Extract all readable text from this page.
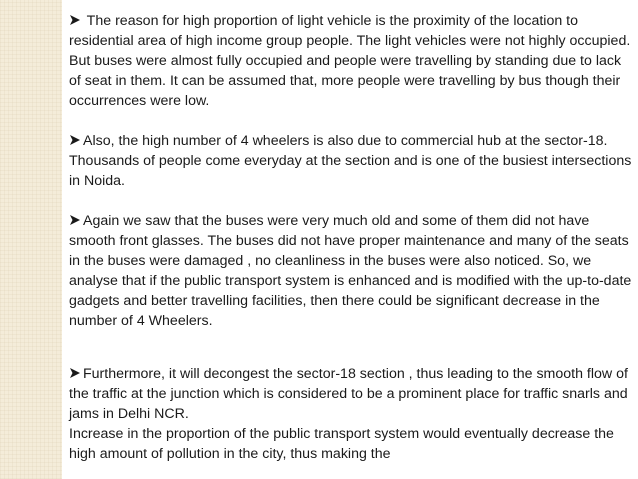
The reason for high proportion of light vehicle is the proximity of the location to residential area of high income group people. The light vehicles were not highly occupied. But buses were almost fully occupied and people were travelling by standing due to lack of seat in them. It can be assumed that, more people were travelling by bus though their occurrences were low.

Also, the high number of 4 wheelers is also due to commercial hub at the sector-18. Thousands of people come everyday at the section and is one of the busiest intersections in Noida.

Again we saw that the buses were very much old and some of them did not have smooth front glasses. The buses did not have proper maintenance and many of the seats in the buses were damaged , no cleanliness in the buses were also noticed. So, we analyse that if the public transport system is enhanced and is modified with the up-to-date gadgets and better travelling facilities, then there could be significant decrease in the number of 4 Wheelers.

Furthermore, it will decongest the sector-18 section , thus leading to the smooth flow of the traffic at the junction which is considered to be a prominent place for traffic snarls and jams in Delhi NCR.

Increase in the proportion of the public transport system would eventually decrease the high amount of pollution in the city, thus making the
